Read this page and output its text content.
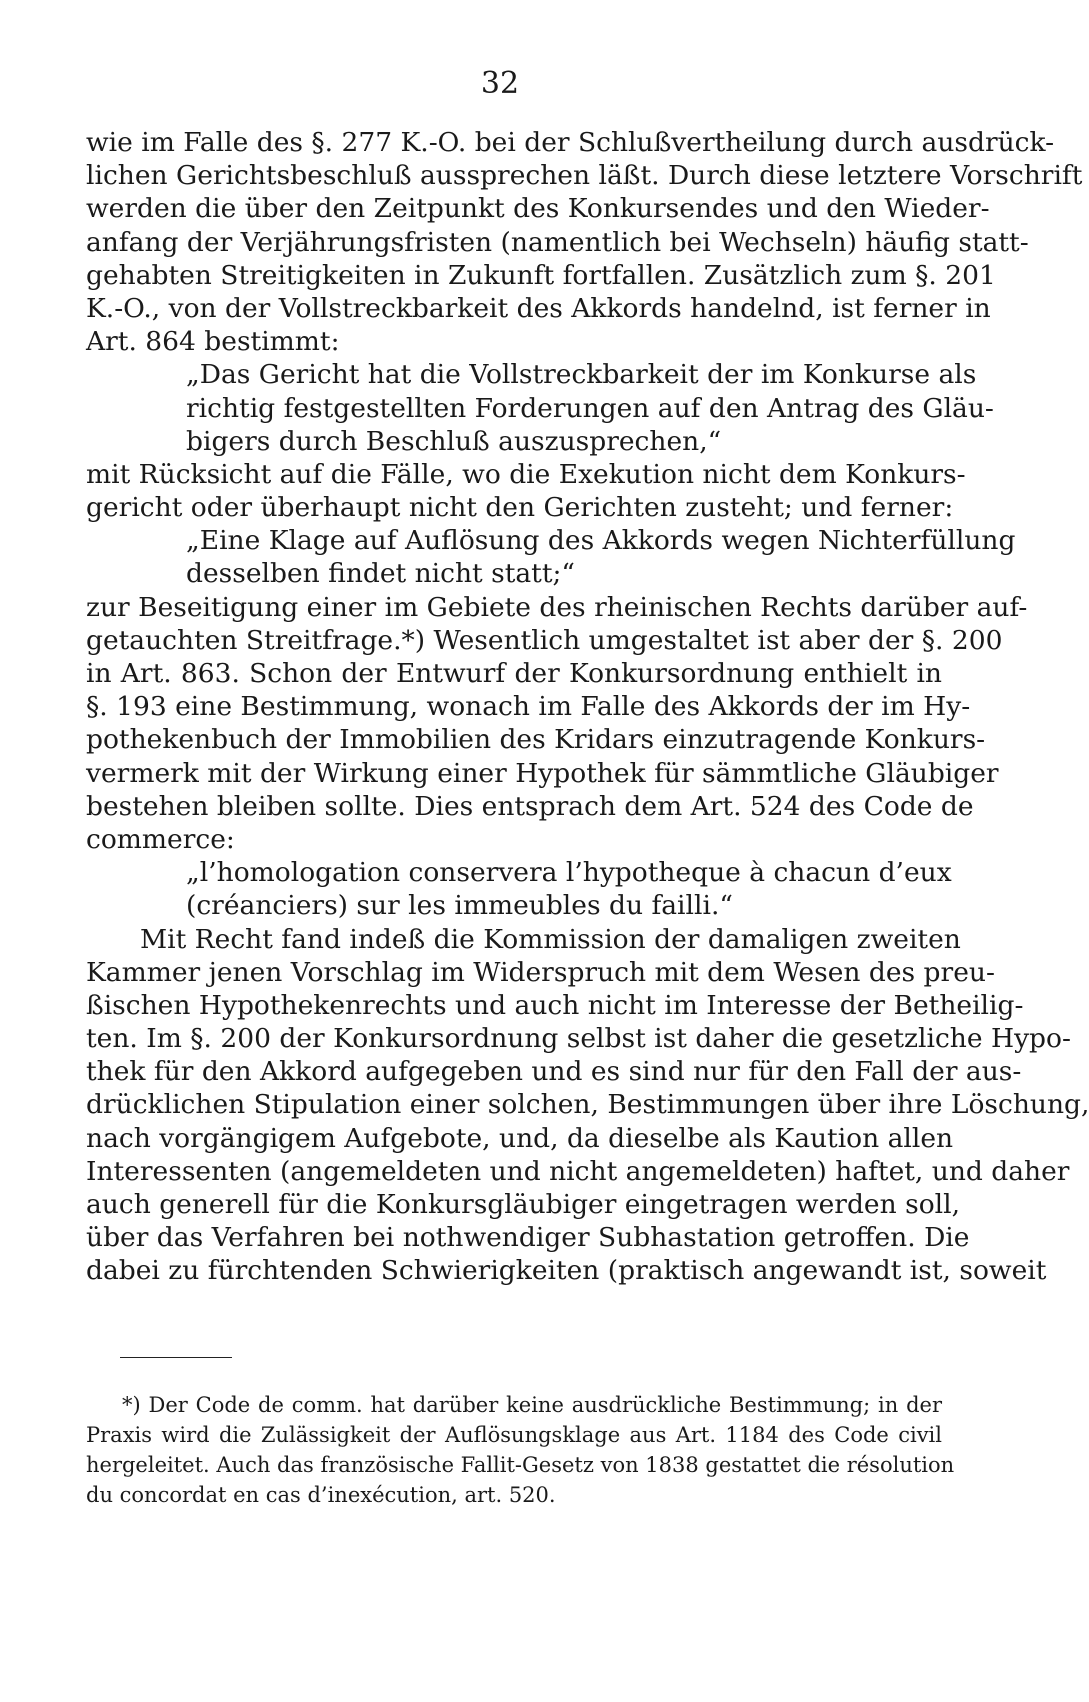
32
wie im Falle des §. 277 K.-O. bei der Schlußvertheilung durch ausdrück-
lichen Gerichtsbeschluß aussprechen läßt. Durch diese letztere Vorschrift
werden die über den Zeitpunkt des Konkursendes und den Wieder-
anfang der Verjährungsfristen (namentlich bei Wechseln) häufig statt-
gehabten Streitigkeiten in Zukunft fortfallen. Zusätzlich zum §. 201
K.-O., von der Vollstreckbarkeit des Akkords handelnd, ist ferner in
Art. 864 bestimmt:
„Das Gericht hat die Vollstreckbarkeit der im Konkurse als
richtig festgestellten Forderungen auf den Antrag des Gläu-
bigers durch Beschluß auszusprechen,“
mit Rücksicht auf die Fälle, wo die Exekution nicht dem Konkurs-
gericht oder überhaupt nicht den Gerichten zusteht; und ferner:
„Eine Klage auf Auflösung des Akkords wegen Nichterfüllung
desselben findet nicht statt;“
zur Beseitigung einer im Gebiete des rheinischen Rechts darüber auf-
getauchten Streitfrage.*) Wesentlich umgestaltet ist aber der §. 200
in Art. 863. Schon der Entwurf der Konkursordnung enthielt in
§. 193 eine Bestimmung, wonach im Falle des Akkords der im Hy-
pothekenbuch der Immobilien des Kridars einzutragende Konkurs-
vermerk mit der Wirkung einer Hypothek für sämmtliche Gläubiger
bestehen bleiben sollte. Dies entsprach dem Art. 524 des Code de
commerce:
„l’homologation conservera l’hypotheque à chacun d’eux
(créanciers) sur les immeubles du failli.“
Mit Recht fand indeß die Kommission der damaligen zweiten
Kammer jenen Vorschlag im Widerspruch mit dem Wesen des preu-
ßischen Hypothekenrechts und auch nicht im Interesse der Betheilig-
ten. Im §. 200 der Konkursordnung selbst ist daher die gesetzliche Hypo-
thek für den Akkord aufgegeben und es sind nur für den Fall der aus-
drücklichen Stipulation einer solchen, Bestimmungen über ihre Löschung,
nach vorgängigem Aufgebote, und, da dieselbe als Kaution allen
Interessenten (angemeldeten und nicht angemeldeten) haftet, und daher
auch generell für die Konkursgläubiger eingetragen werden soll,
über das Verfahren bei nothwendiger Subhastation getroffen. Die
dabei zu fürchtenden Schwierigkeiten (praktisch angewandt ist, soweit
*) Der Code de comm. hat darüber keine ausdrückliche Bestimmung; in der
Praxis wird die Zulässigkeit der Auflösungsklage aus Art. 1184 des Code civil
hergeleitet. Auch das französische Fallit-Gesetz von 1838 gestattet die résolution
du concordat en cas d’inexécution, art. 520.
